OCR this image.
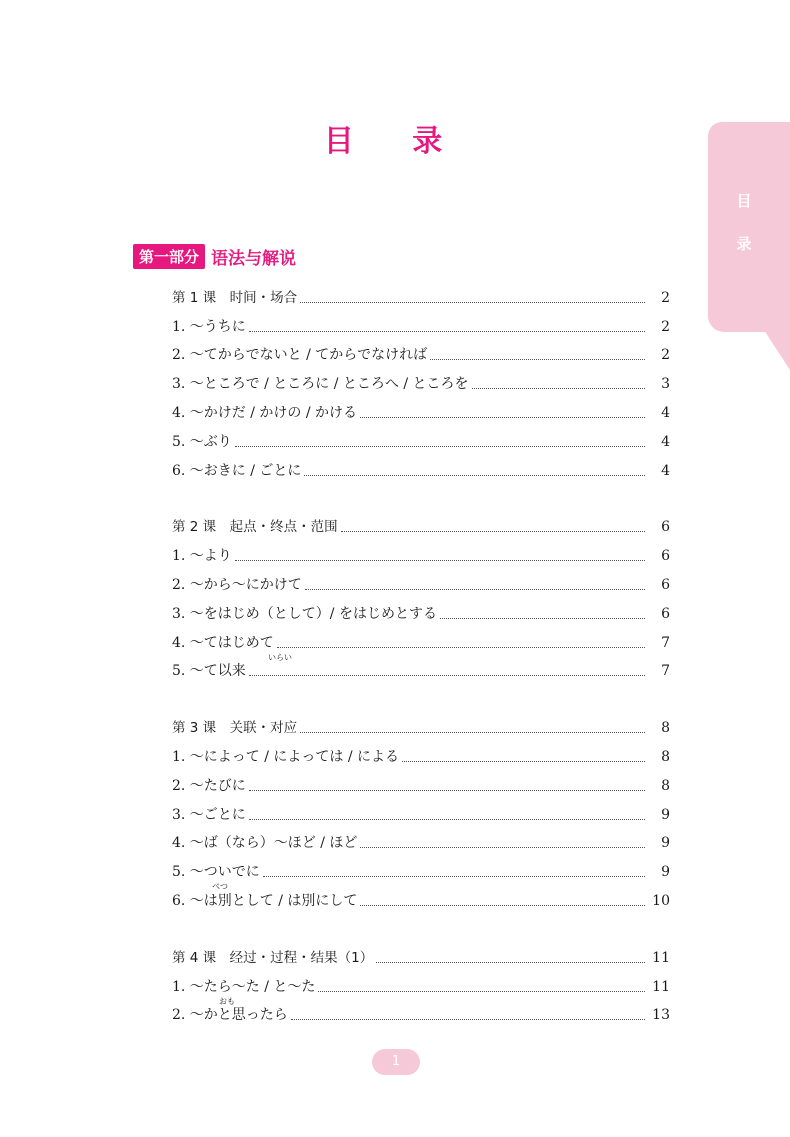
目
录
目 录
第一部分 语法与解说
第 1 课　时间・场合	2
1. ～うちに	2
2. ～てからでないと / てからでなければ	2
3. ～ところで / ところに / ところへ / ところを	3
4. ～かけだ / かけの / かける	4
5. ～ぶり	4
6. ～おきに / ごとに	4
第 2 课　起点・终点・范围	6
1. ～より	6
2. ～から～にかけて	6
3. ～をはじめ（として）/ をはじめとする	6
4. ～てはじめて	7
5. ～て以来	7
いらい
第 3 课　关联・对应	8
1. ～によって / によっては / による	8
2. ～たびに	8
3. ～ごとに	9
4. ～ば（なら）～ほど / ほど	9
5. ～ついでに	9
6. ～は別として / は別にして	10
べつ
第 4 课　经过・过程・结果（1）	11
1. ～たら～た / と～た	11
2. ～かと思ったら	13
おも
1
